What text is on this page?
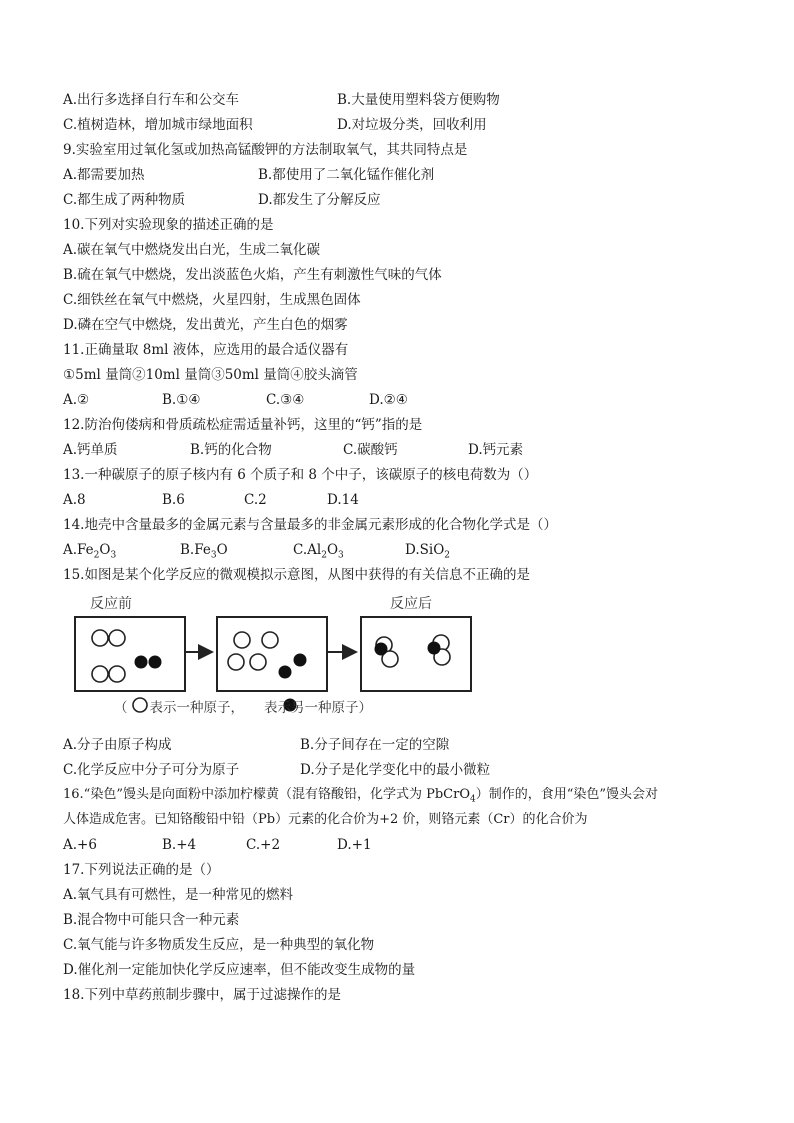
A.出行多选择自行车和公交车	B.大量使用塑料袋方便购物
C.植树造林，增加城市绿地面积	D.对垃圾分类，回收利用
9.实验室用过氧化氢或加热高锰酸钾的方法制取氧气，其共同特点是
A.都需要加热	B.都使用了二氧化锰作催化剂
C.都生成了两种物质	D.都发生了分解反应
10.下列对实验现象的描述正确的是
A.碳在氧气中燃烧发出白光，生成二氧化碳
B.硫在氧气中燃烧，发出淡蓝色火焰，产生有刺激性气味的气体
C.细铁丝在氧气中燃烧，火星四射，生成黑色固体
D.磷在空气中燃烧，发出黄光，产生白色的烟雾
11.正确量取 8ml 液体，应选用的最合适仪器有
①5ml 量筒②10ml 量筒③50ml 量筒④胶头滴管
A.②	B.①④	C.③④	D.②④
12.防治佝偻病和骨质疏松症需适量补钙，这里的“钙”指的是
A.钙单质	B.钙的化合物	C.碳酸钙	D.钙元素
13.一种碳原子的原子核内有 6 个质子和 8 个中子，该碳原子的核电荷数为（）
A.8	B.6	C.2	D.14
14.地壳中含量最多的金属元素与含量最多的非金属元素形成的化合物化学式是（）
$A.Fe_2O_3$	$B.Fe_3O$	$C.Al_2O_3$	D.SiO$_2$
15.如图是某个化学反应的微观模拟示意图，从图中获得的有关信息不正确的是
反应前	反应后
（ 表示一种原子， 表示另一种原子）
A.分子由原子构成	B.分子间存在一定的空隙
C.化学反应中分子可分为原子	D.分子是化学变化中的最小微粒
16.“染色”馒头是向面粉中添加柠檬黄（混有铬酸铅，化学式为 PbCrO$_4$）制作的，食用“染色”馒头会对
人体造成危害。已知铬酸铅中铅（Pb）元素的化合价为+2 价，则铬元素（Cr）的化合价为
A.+6	B.+4	C.+2	D.+1
17.下列说法正确的是（）
A.氧气具有可燃性，是一种常见的燃料
B.混合物中可能只含一种元素
C.氧气能与许多物质发生反应，是一种典型的氧化物
D.催化剂一定能加快化学反应速率，但不能改变生成物的量
18.下列中草药煎制步骤中，属于过滤操作的是
